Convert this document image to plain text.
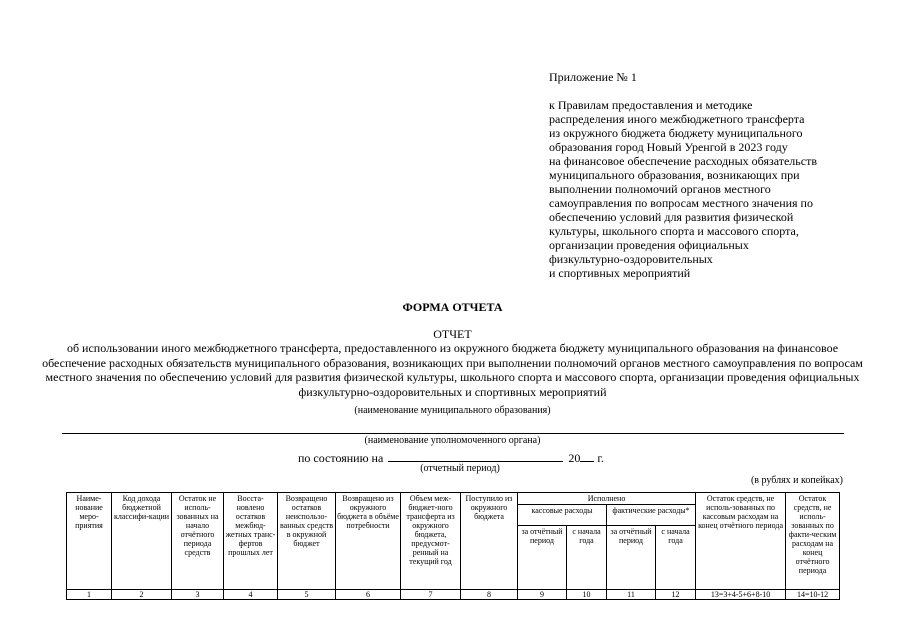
Приложение № 1
к Правилам предоставления и методике
распределения иного межбюджетного трансферта
из окружного бюджета бюджету муниципального
образования город Новый Уренгой в 2023 году
на финансовое обеспечение расходных обязательств
муниципального образования, возникающих при
выполнении полномочий органов местного
самоуправления по вопросам местного значения по
обеспечению условий для развития физической
культуры, школьного спорта и массового спорта,
организации проведения официальных
физкультурно-оздоровительных
и спортивных мероприятий
ФОРМА ОТЧЕТА
ОТЧЕТ
об использовании иного межбюджетного трансферта, предоставленного из окружного бюджета бюджету муниципального образования на финансовое обеспечение расходных обязательств муниципального образования, возникающих при выполнении полномочий органов местного самоуправления по вопросам местного значения по обеспечению условий для развития физической культуры, школьного спорта и массового спорта, организации проведения официальных физкультурно-оздоровительных и спортивных мероприятий
(наименование муниципального образования)
(наименование уполномоченного органа)
по состоянию на	20 г.
(отчетный период)
(в рублях и копейках)
Наиме-нование меро-приятия	Код дохода бюджетной классифи-кации	Остаток не исполь-зованных на начало отчётного периода средств	Восста-новлено остатков межбюд-жетных транс-фертов прошлых лет	Возвращено остатков неиспользо-ванных средств в окружной бюджет	Возвращено из окружного бюджета в объёме потребности	Объем меж-бюджет-ного трансферта из окружного бюджета, предусмот-ренный на текущий год	Поступило из окружного бюджета	Исполнено				Остаток средств, не исполь-зованных по кассовым расходам на конец отчётного периода	Остаток средств, не исполь-зованных по факти-ческим расходам на конец отчётного периода
								кассовые расходы		фактические расходы*			
								за отчётный период	с начала года	за отчётный период	с начала года		
1	2	3	4	5	6	7	8	9	10	11	12	13=3+4-5+6+8-10	14=10-12
